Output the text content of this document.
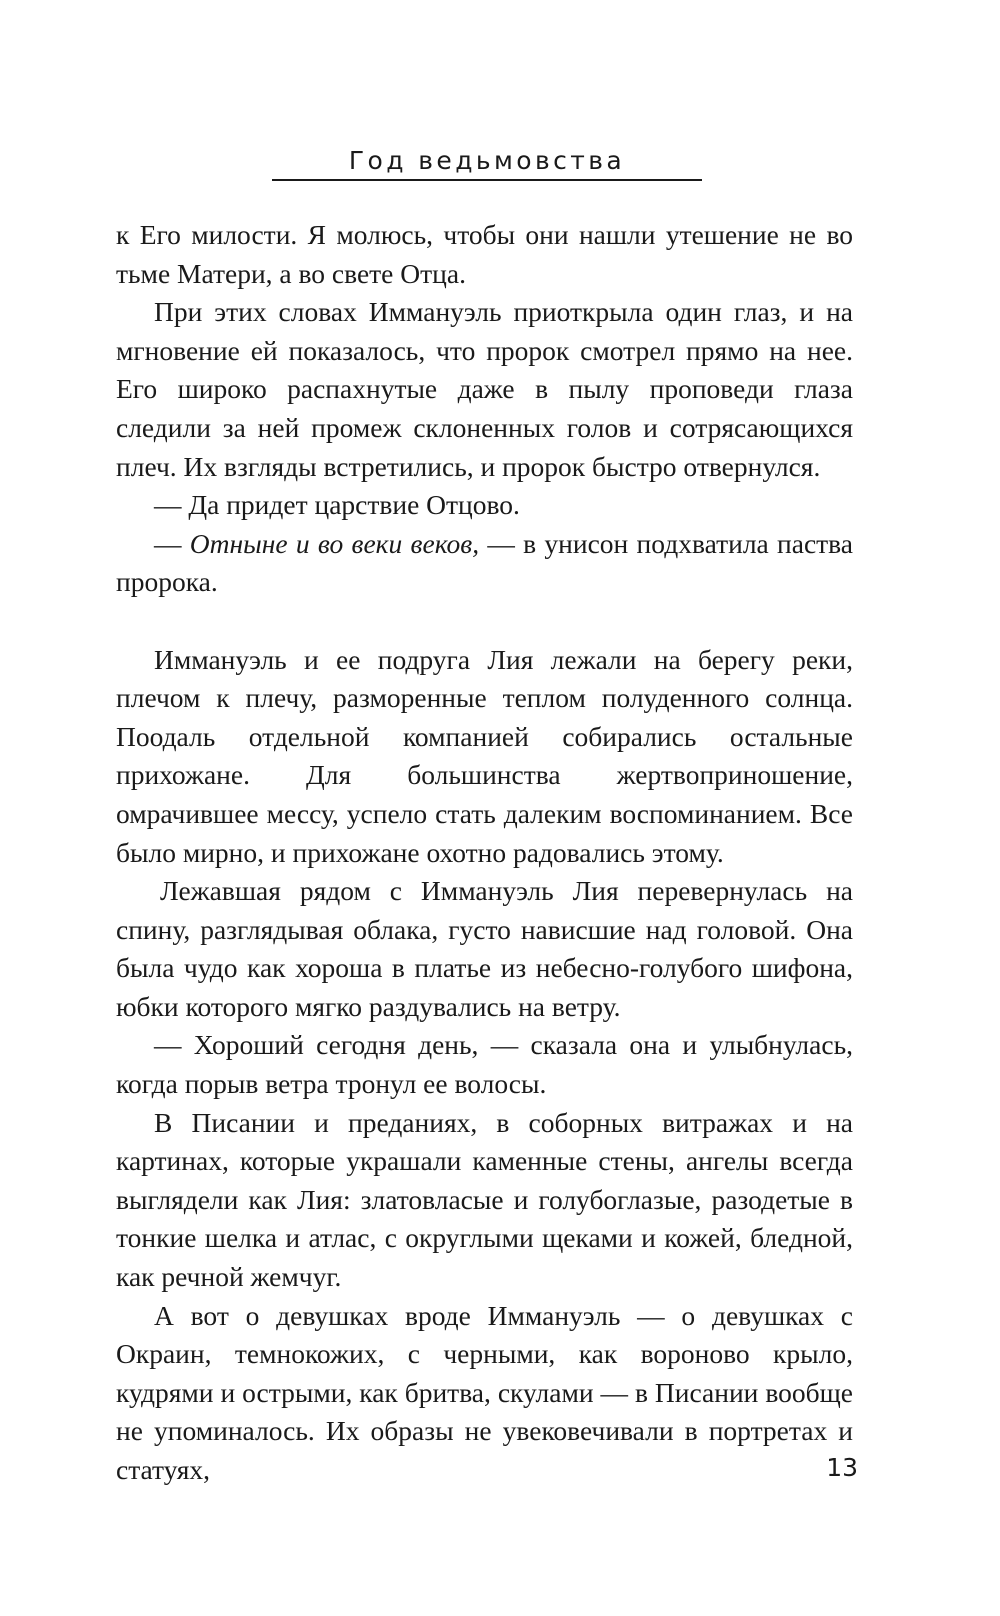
Год ведьмовства

к Его милости. Я молюсь, чтобы они нашли утешение не во тьме Матери, а во свете Отца.

При этих словах Иммануэль приоткрыла один глаз, и на мгновение ей показалось, что пророк смотрел прямо на нее. Его широко распахнутые даже в пылу проповеди глаза следили за ней промеж склоненных голов и сотрясающихся плеч. Их взгляды встретились, и пророк быстро отвернулся.

— Да придет царствие Отцово.

— Отныне и во веки веков, — в унисон подхватила паства пророка.

Иммануэль и ее подруга Лия лежали на берегу реки, плечом к плечу, разморенные теплом полуденного солнца. Поодаль отдельной компанией собирались остальные прихожане. Для большинства жертвоприношение, омрачившее мессу, успело стать далеким воспоминанием. Все было мирно, и прихожане охотно радовались этому.

Лежавшая рядом с Иммануэль Лия перевернулась на спину, разглядывая облака, густо нависшие над головой. Она была чудо как хороша в платье из небесно-голубого шифона, юбки которого мягко раздувались на ветру.

— Хороший сегодня день, — сказала она и улыбнулась, когда порыв ветра тронул ее волосы.

В Писании и преданиях, в соборных витражах и на картинах, которые украшали каменные стены, ангелы всегда выглядели как Лия: златовласые и голубоглазые, разодетые в тонкие шелка и атлас, с округлыми щеками и кожей, бледной, как речной жемчуг.

А вот о девушках вроде Иммануэль — о девушках с Окраин, темнокожих, с черными, как вороново крыло, кудрями и острыми, как бритва, скулами — в Писании вообще не упоминалось. Их образы не увековечивали в портретах и статуях,	13
